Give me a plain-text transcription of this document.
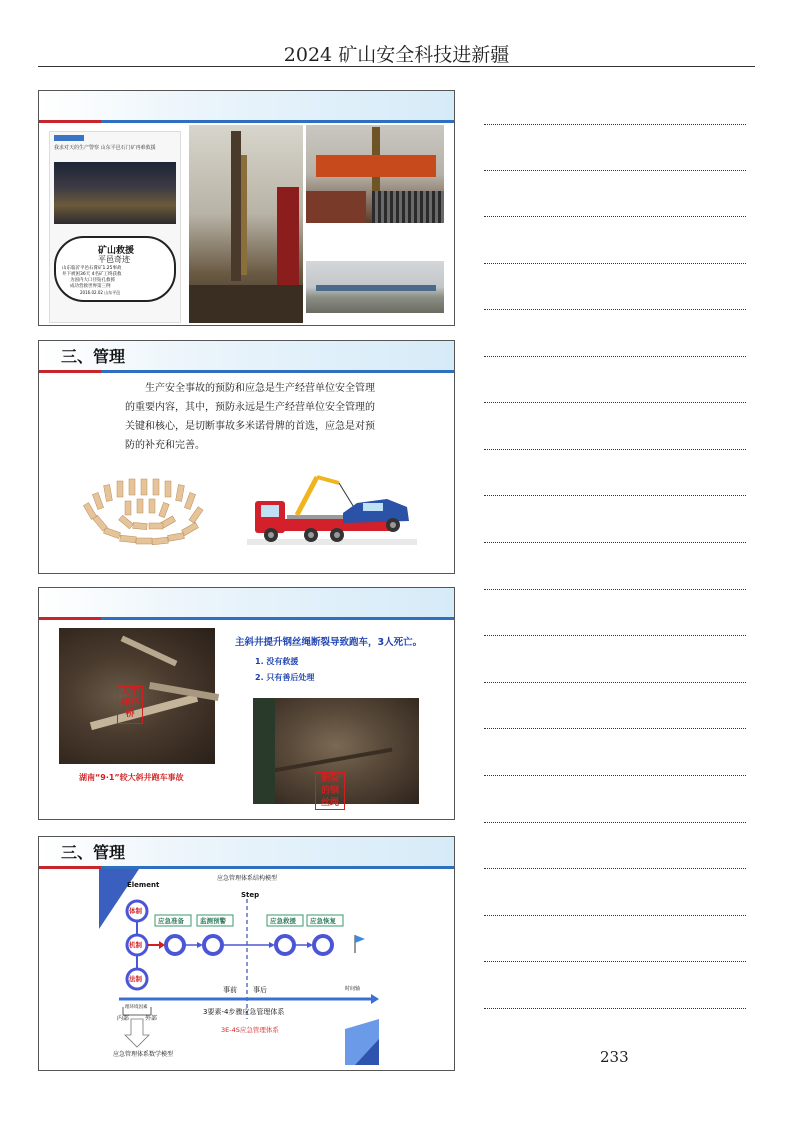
2024 矿山安全科技进新疆
我求对天的生产警察 山东平邑石门矿再难救援
矿山救援
平邑奇迹
山东临沂平邑石膏矿1.25事故
井下被困36天 4名矿工终获救
为国内大口径钻孔救援
成功营救世界第三例
2016.02.02 山东平邑
三、管理
生产安全事故的预防和应急是生产经营单位安全管理的重要内容，其中，预防永远是生产经营单位安全管理的关键和核心，是切断事故多米诺骨牌的首选，应急是对预防的补充和完善。
人中 楼杯 桥
湖南“9·1”较大斜井跑车事故
主斜井提升钢丝绳断裂导致跑车，3人死亡。
1. 没有救援
2. 只有善后处理
断裂 的钢 丝绳
三、管理
应急管理体系结构模型
Element
Step
体制
机制
法制
应急准备 监测预警	应急救援 应急恢复
事前 事后	时间轴
理环境因素
内部	外部
3要素-4步骤应急管理体系
3E-4S应急管理体系
应急管理体系数学模型	233
